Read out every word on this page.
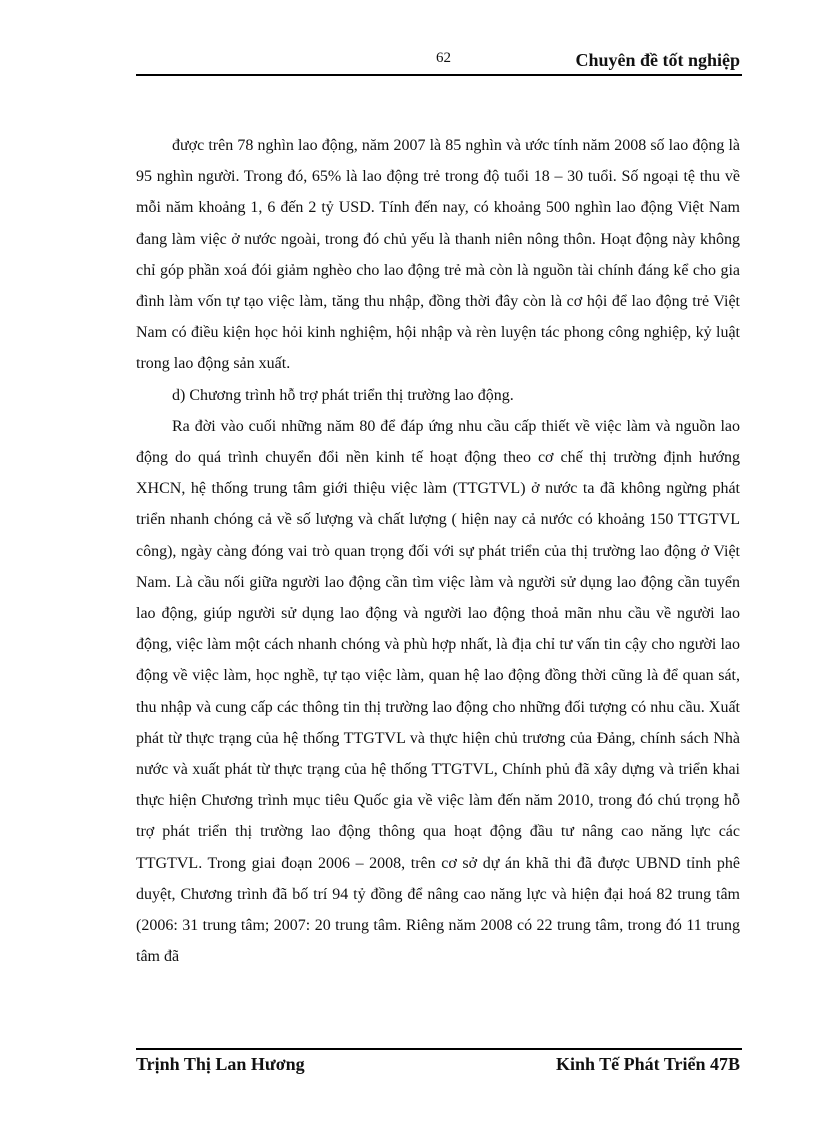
62	Chuyên đề tốt nghiệp

được trên 78 nghìn lao động, năm 2007 là 85 nghìn và ước tính năm 2008 số lao động là 95 nghìn người. Trong đó, 65% là lao động trẻ trong độ tuổi 18 – 30 tuổi. Số ngoại tệ thu về mỗi năm khoảng 1, 6 đến 2 tỷ USD. Tính đến nay, có khoảng 500 nghìn lao động Việt Nam đang làm việc ở nước ngoài, trong đó chủ yếu là thanh niên nông thôn. Hoạt động này không chỉ góp phần xoá đói giảm nghèo cho lao động trẻ mà còn là nguồn tài chính đáng kể cho gia đình làm vốn tự tạo việc làm, tăng thu nhập, đồng thời đây còn là cơ hội để lao động trẻ Việt Nam có điều kiện học hỏi kinh nghiệm, hội nhập và rèn luyện tác phong công nghiệp, kỷ luật trong lao động sản xuất.

d) Chương trình hỗ trợ phát triển thị trường lao động.

Ra đời vào cuối những năm 80 để đáp ứng nhu cầu cấp thiết về việc làm và nguồn lao động do quá trình chuyển đổi nền kinh tế hoạt động theo cơ chế thị trường định hướng XHCN, hệ thống trung tâm giới thiệu việc làm (TTGTVL) ở nước ta đã không ngừng phát triển nhanh chóng cả về số lượng và chất lượng ( hiện nay cả nước có khoảng 150 TTGTVL công), ngày càng đóng vai trò quan trọng đối với sự phát triển của thị trường lao động ở Việt Nam. Là cầu nối giữa người lao động cần tìm việc làm và người sử dụng lao động cần tuyển lao động, giúp người sử dụng lao động và người lao động thoả mãn nhu cầu về người lao động, việc làm một cách nhanh chóng và phù hợp nhất, là địa chỉ tư vấn tin cậy cho người lao động về việc làm, học nghề, tự tạo việc làm, quan hệ lao động đồng thời cũng là để quan sát, thu nhập và cung cấp các thông tin thị trường lao động cho những đối tượng có nhu cầu. Xuất phát từ thực trạng của hệ thống TTGTVL và thực hiện chủ trương của Đảng, chính sách Nhà nước và xuất phát từ thực trạng của hệ thống TTGTVL, Chính phủ đã xây dựng và triển khai thực hiện Chương trình mục tiêu Quốc gia về việc làm đến năm 2010, trong đó chú trọng hỗ trợ phát triển thị trường lao động thông qua hoạt động đầu tư nâng cao năng lực các TTGTVL. Trong giai đoạn 2006 – 2008, trên cơ sở dự án khã thi đã được UBND tỉnh phê duyệt, Chương trình đã bố trí 94 tỷ đồng để nâng cao năng lực và hiện đại hoá 82 trung tâm (2006: 31 trung tâm; 2007: 20 trung tâm. Riêng năm 2008 có 22 trung tâm, trong đó 11 trung tâm đã

Trịnh Thị Lan Hương	Kinh Tế Phát Triển 47B
